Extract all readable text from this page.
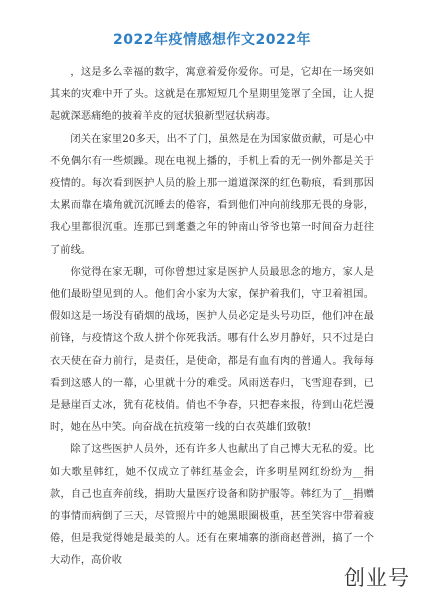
2022年疫情感想作文2022年

，这是多么幸福的数字，寓意着爱你爱你。可是，它却在一场突如其来的灾难中开了头。这就是在那短短几个星期里笼罩了全国，让人提起就深恶痛绝的披着羊皮的冠状狼新型冠状病毒。

闭关在家里20多天，出不了门，虽然是在为国家做贡献，可是心中不免偶尔有一些烦躁。现在电视上播的，手机上看的无一例外都是关于疫情的。每次看到医护人员的脸上那一道道深深的红色勒痕，看到那因太累而靠在墙角就沉沉睡去的倦容，看到他们冲向前线那无畏的身影，我心里都很沉重。连那已到耄耋之年的钟南山爷爷也第一时间奋力赶往了前线。

你觉得在家无聊，可你曾想过家是医护人员最思念的地方，家人是他们最盼望见到的人。他们舍小家为大家，保护着我们，守卫着祖国。假如这是一场没有硝烟的战场，医护人员必定是头号功臣，他们冲在最前锋，与疫情这个敌人拼个你死我活。哪有什么岁月静好，只不过是白衣天使在奋力前行，是责任，是使命，都是有血有肉的普通人。我每每看到这感人的一幕，心里就十分的难受。风雨送春归，飞雪迎春到，已是悬崖百丈冰，犹有花枝俏。俏也不争春，只把春来报，待到山花烂漫时，她在丛中笑。向奋战在抗疫第一线的白衣英雄们致敬!

除了这些医护人员外，还有许多人也献出了自己博大无私的爱。比如大歌星韩红，她不仅成立了韩红基金会，许多明星网红纷纷为__捐款，自己也直奔前线，捐助大量医疗设备和防护服等。韩红为了__捐赠的事情而病倒了三天，尽管照片中的她黑眼圈极重，甚至笑容中带着疲倦，但是我觉得她是最美的人。还有在柬埔寨的浙商赵普洲，搞了一个大动作，高价收

创业号
